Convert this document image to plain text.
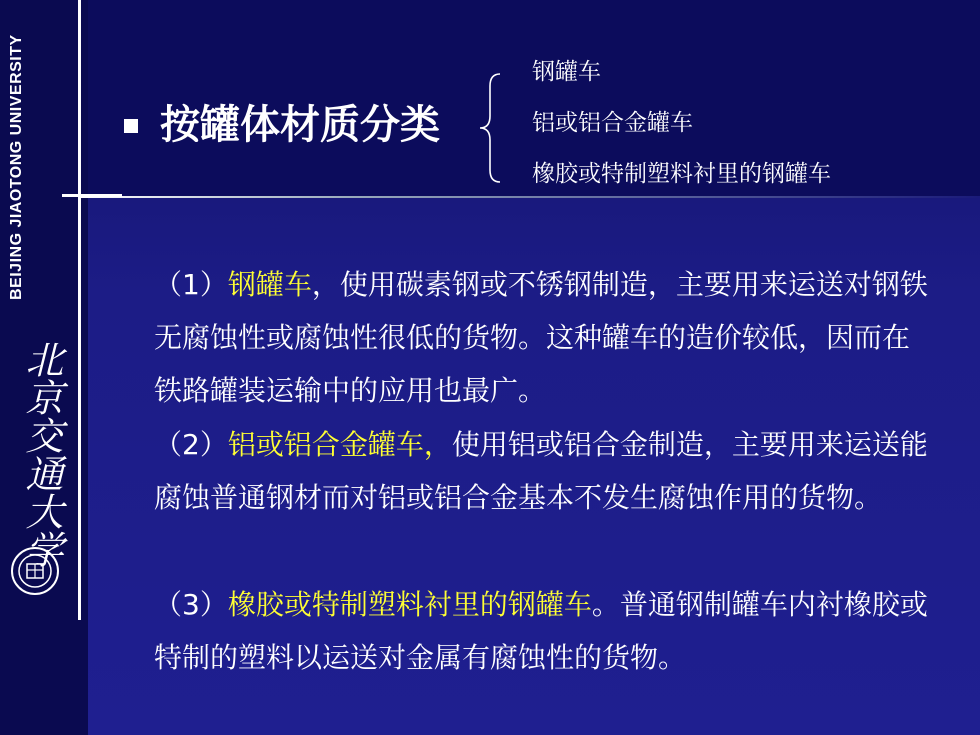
BEIJING JIAOTONG UNIVERSITY
北京交通大学
按罐体材质分类
钢罐车
铝或铝合金罐车
橡胶或特制塑料衬里的钢罐车

（1）钢罐车，使用碳素钢或不锈钢制造，主要用来运送对钢铁无腐蚀性或腐蚀性很低的货物。这种罐车的造价较低，因而在铁路罐装运输中的应用也最广。

（2）铝或铝合金罐车，使用铝或铝合金制造，主要用来运送能腐蚀普通钢材而对铝或铝合金基本不发生腐蚀作用的货物。

（3）橡胶或特制塑料衬里的钢罐车。普通钢制罐车内衬橡胶或特制的塑料以运送对金属有腐蚀性的货物。
